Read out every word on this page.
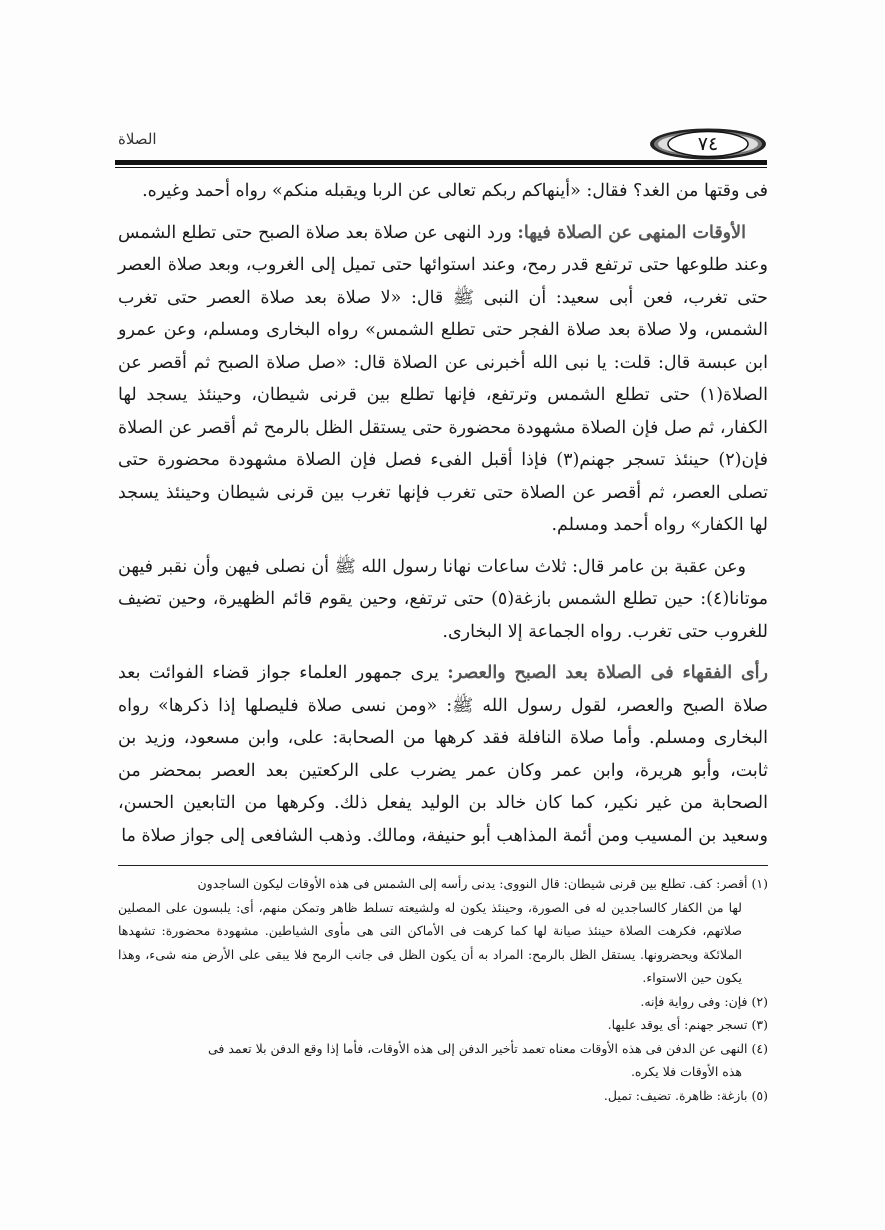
الصلاة	٧٤

فى وقتها من الغد؟ فقال: «أينهاكم ربكم تعالى عن الربا ويقبله منكم» رواه أحمد وغيره.

الأوقات المنهى عن الصلاة فيها: ورد النهى عن صلاة بعد صلاة الصبح حتى تطلع الشمس وعند طلوعها حتى ترتفع قدر رمح، وعند استوائها حتى تميل إلى الغروب، وبعد صلاة العصر حتى تغرب، فعن أبى سعيد: أن النبى ﷺ قال: «لا صلاة بعد صلاة العصر حتى تغرب الشمس، ولا صلاة بعد صلاة الفجر حتى تطلع الشمس» رواه البخارى ومسلم، وعن عمرو ابن عبسة قال: قلت: يا نبى الله أخبرنى عن الصلاة قال: «صل صلاة الصبح ثم أقصر عن الصلاة(١) حتى تطلع الشمس وترتفع، فإنها تطلع بين قرنى شيطان، وحينئذ يسجد لها الكفار، ثم صل فإن الصلاة مشهودة محضورة حتى يستقل الظل بالرمح ثم أقصر عن الصلاة فإن(٢) حينئذ تسجر جهنم(٣) فإذا أقبل الفىء فصل فإن الصلاة مشهودة محضورة حتى تصلى العصر، ثم أقصر عن الصلاة حتى تغرب فإنها تغرب بين قرنى شيطان وحينئذ يسجد لها الكفار» رواه أحمد ومسلم.

وعن عقبة بن عامر قال: ثلاث ساعات نهانا رسول الله ﷺ أن نصلى فيهن وأن نقبر فيهن موتانا(٤): حين تطلع الشمس بازغة(٥) حتى ترتفع، وحين يقوم قائم الظهيرة، وحين تضيف للغروب حتى تغرب. رواه الجماعة إلا البخارى.

رأى الفقهاء فى الصلاة بعد الصبح والعصر: يرى جمهور العلماء جواز قضاء الفوائت بعد صلاة الصبح والعصر، لقول رسول الله ﷺ: «ومن نسى صلاة فليصلها إذا ذكرها» رواه البخارى ومسلم. وأما صلاة النافلة فقد كرهها من الصحابة: على، وابن مسعود، وزيد بن ثابت، وأبو هريرة، وابن عمر وكان عمر يضرب على الركعتين بعد العصر بمحضر من الصحابة من غير نكير، كما كان خالد بن الوليد يفعل ذلك. وكرهها من التابعين الحسن، وسعيد بن المسيب ومن أئمة المذاهب أبو حنيفة، ومالك. وذهب الشافعى إلى جواز صلاة ما

(١) أقصر: كف. تطلع بين قرنى شيطان: قال النووى: يدنى رأسه إلى الشمس فى هذه الأوقات ليكون الساجدون

لها من الكفار كالساجدين له فى الصورة، وحينئذ يكون له ولشيعته تسلط ظاهر وتمكن منهم، أى: يلبسون على المصلين صلاتهم، فكرهت الصلاة حينئذ صيانة لها كما كرهت فى الأماكن التى هى مأوى الشياطين. مشهودة محضورة: تشهدها الملائكة ويحضرونها. يستقل الظل بالرمح: المراد به أن يكون الظل فى جانب الرمح فلا يبقى على الأرض منه شىء، وهذا يكون حين الاستواء.

(٢) فإن: وفى رواية فإنه.

(٣) تسجر جهنم: أى يوقد عليها.

(٤) النهى عن الدفن فى هذه الأوقات معناه تعمد تأخير الدفن إلى هذه الأوقات، فأما إذا وقع الدفن بلا تعمد فى

هذه الأوقات فلا يكره.

(٥) بازغة: ظاهرة. تضيف: تميل.
